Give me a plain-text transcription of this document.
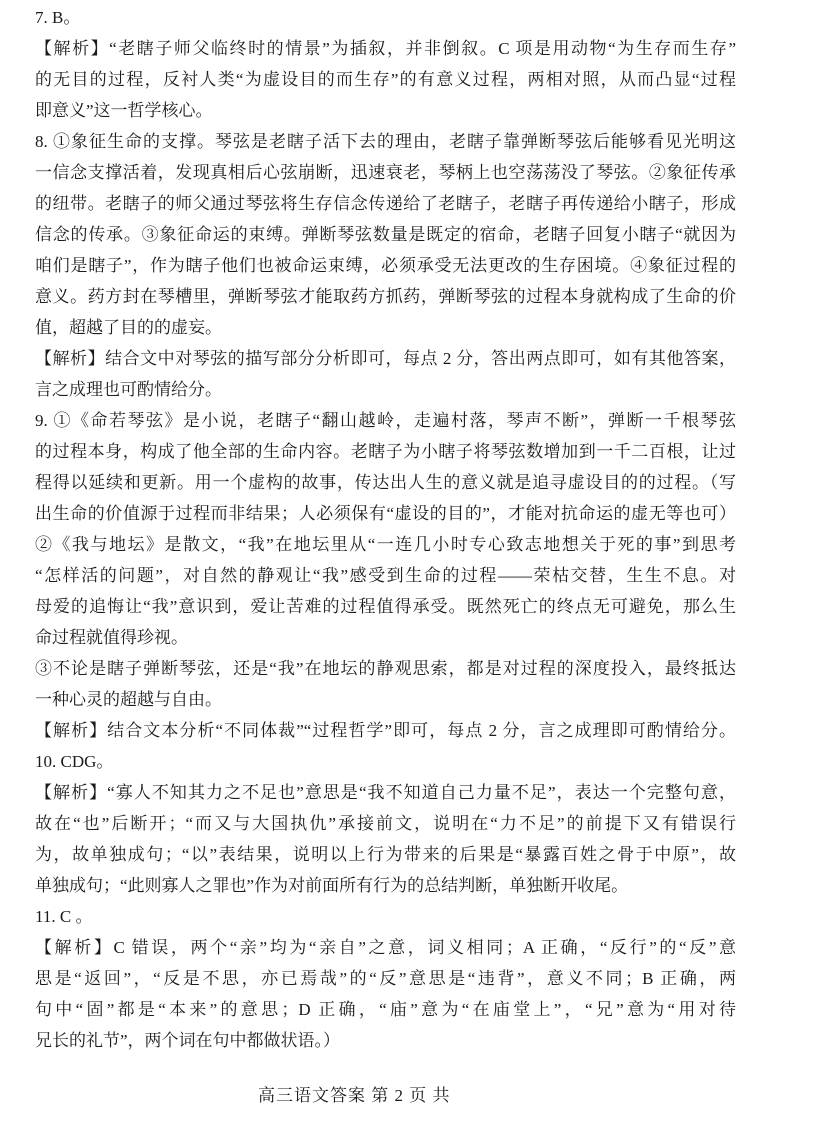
7. B。
【解析】“老瞎子师父临终时的情景”为插叙，并非倒叙。C 项是用动物“为生存而生存”
的无目的过程，反衬人类“为虚设目的而生存”的有意义过程，两相对照，从而凸显“过程
即意义”这一哲学核心。
8. ①象征生命的支撑。琴弦是老瞎子活下去的理由，老瞎子靠弹断琴弦后能够看见光明这
一信念支撑活着，发现真相后心弦崩断，迅速衰老，琴柄上也空荡荡没了琴弦。②象征传承
的纽带。老瞎子的师父通过琴弦将生存信念传递给了老瞎子，老瞎子再传递给小瞎子，形成
信念的传承。③象征命运的束缚。弹断琴弦数量是既定的宿命，老瞎子回复小瞎子“就因为
咱们是瞎子”，作为瞎子他们也被命运束缚，必须承受无法更改的生存困境。④象征过程的
意义。药方封在琴槽里，弹断琴弦才能取药方抓药，弹断琴弦的过程本身就构成了生命的价
值，超越了目的的虚妄。
【解析】结合文中对琴弦的描写部分分析即可，每点 2 分，答出两点即可，如有其他答案，
言之成理也可酌情给分。
9. ①《命若琴弦》是小说，老瞎子“翻山越岭，走遍村落，琴声不断”，弹断一千根琴弦
的过程本身，构成了他全部的生命内容。老瞎子为小瞎子将琴弦数增加到一千二百根，让过
程得以延续和更新。用一个虚构的故事，传达出人生的意义就是追寻虚设目的的过程。（写
出生命的价值源于过程而非结果；人必须保有“虚设的目的”，才能对抗命运的虚无等也可）
②《我与地坛》是散文，“我”在地坛里从“一连几小时专心致志地想关于死的事”到思考
“怎样活的问题”，对自然的静观让“我”感受到生命的过程——荣枯交替，生生不息。对
母爱的追悔让“我”意识到，爱让苦难的过程值得承受。既然死亡的终点无可避免，那么生
命过程就值得珍视。
③不论是瞎子弹断琴弦，还是“我”在地坛的静观思索，都是对过程的深度投入，最终抵达
一种心灵的超越与自由。
【解析】结合文本分析“不同体裁”“过程哲学”即可，每点 2 分，言之成理即可酌情给分。
10. CDG。
【解析】“寡人不知其力之不足也”意思是“我不知道自己力量不足”，表达一个完整句意，
故在“也”后断开；“而又与大国执仇”承接前文，说明在“力不足”的前提下又有错误行
为，故单独成句；“以”表结果，说明以上行为带来的后果是“暴露百姓之骨于中原”，故
单独成句；“此则寡人之罪也”作为对前面所有行为的总结判断，单独断开收尾。
11. C 。
【解析】C 错误，两个“亲”均为“亲自”之意，词义相同；A 正确，“反行”的“反”意
思是“返回”，“反是不思，亦已焉哉”的“反”意思是“违背”，意义不同；B 正确，两
句中“固”都是“本来”的意思；D 正确，“庙”意为“在庙堂上”，“兄”意为“用对待
兄长的礼节”，两个词在句中都做状语。）
高三语文答案 第 2 页 共
